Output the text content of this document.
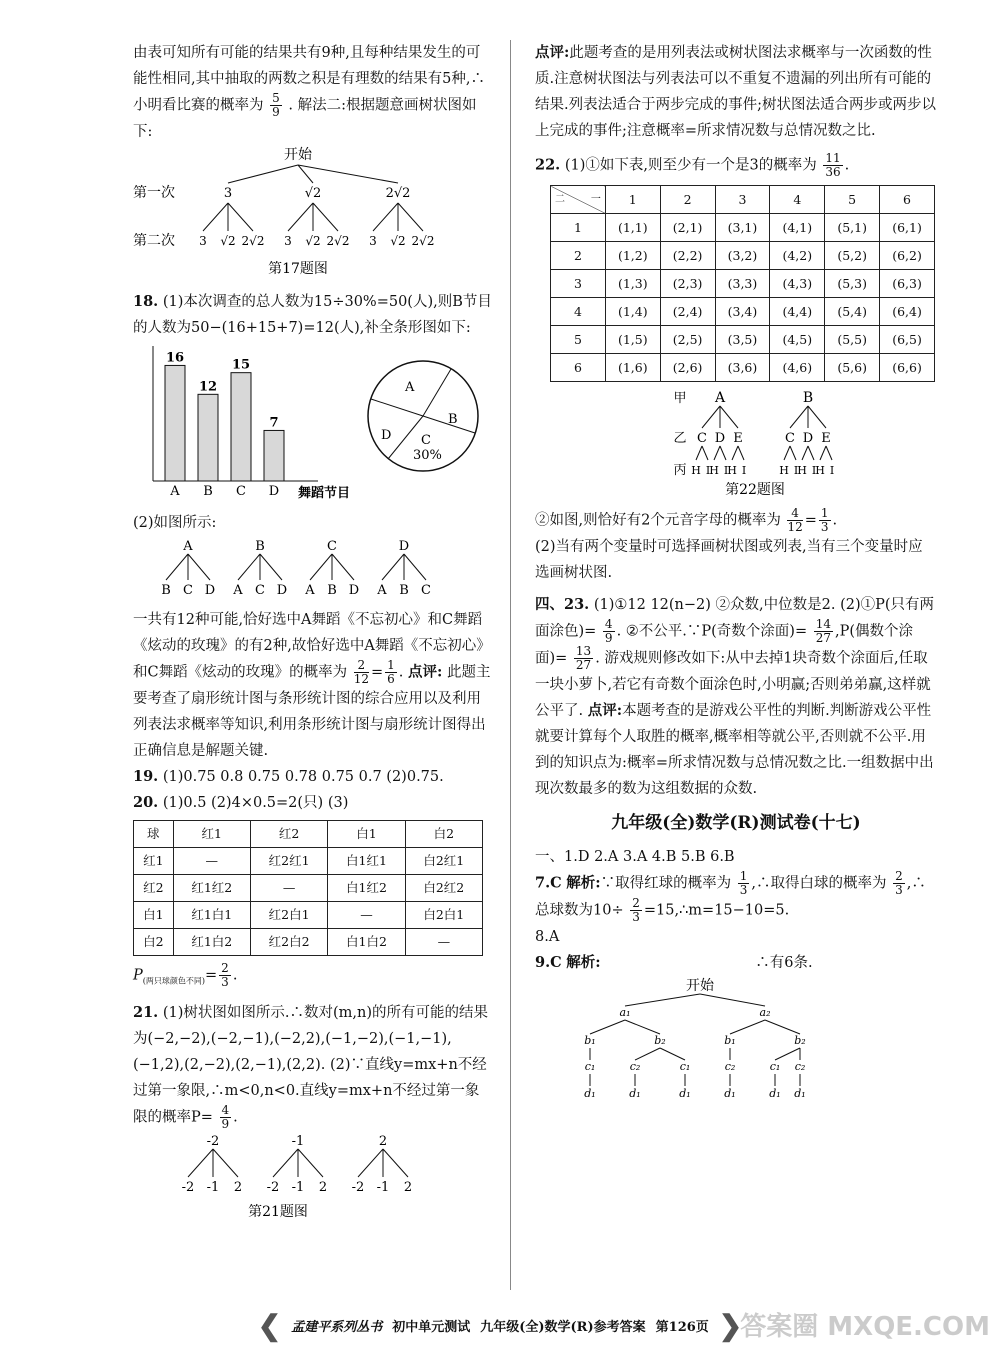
由表可知所有可能的结果共有9种,且每种结果发生的可能性相同,其中抽取的两数之积是有理数的结果有5种,∴小明看比赛的概率为 $\frac{5}{9}$ . 解法二:根据题意画树状图如下:

开始
第一次
第二次
3
3 √2 2√2
√2
3 √2 2√2
2√2
3 √2 2√2
第17题图

18. (1)本次调查的总人数为15÷30%=50(人),则B节目的人数为50−(16+15+7)=12(人),补全条形图如下:

16
A
12
B
15
C
7
D 舞蹈节目
A
B
D C
30%

(2)如图所示:

A
B C D
B
A C D
C
A B D
D
A B C

一共有12种可能,恰好选中A舞蹈《不忘初心》和C舞蹈《炫动的玫瑰》的有2种,故恰好选中A舞蹈《不忘初心》和C舞蹈《炫动的玫瑰》的概率为 $\frac{2}{12} = \frac{1}{6}$ . 点评: 此题主要考查了扇形统计图与条形统计图的综合应用以及利用列表法求概率等知识,利用条形统计图与扇形统计图得出正确信息是解题关键.

19. (1)0.75 0.8 0.75 0.78 0.75 0.7 (2)0.75.

20. (1)0.5 (2)4×0.5=2(只) (3)

球	红1	红2	白1	白2
红1	—	红2红1	白1红1	白2红1
红2	红1红2	—	白1红2	白2红2
白1	红1白1	红2白1	—	白2白1
白2	红1白2	红2白2	白1白2	—

$P_{(两只球颜色不同)}= \frac{2}{3}$ .

21. (1)树状图如图所示.∴数对(m,n)的所有可能的结果为(−2,−2),(−2,−1),(−2,2),(−1,−2),(−1,−1),(−1,2),(2,−2),(2,−1),(2,2). (2)∵直线y=mx+n不经过第一象限,∴m<0,n<0.直线y=mx+n不经过第一象限的概率$P= \frac{4}{9}$ .

-2
-2 -1 2
-1
-2 -1 2
2
-2 -1 2
第21题图

点评:此题考查的是用列表法或树状图法求概率与一次函数的性质.注意树状图法与列表法可以不重复不遗漏的列出所有可能的结果.列表法适合于两步完成的事件;树状图法适合两步或两步以上完成的事件;注意概率=所求情况数与总情况数之比.

22. (1)①如下表,则至少有一个是3的概率为 $\frac{11}{36}$ .

二 一	1	2	3	4	5	6
1	(1,1)	(2,1)	(3,1)	(4,1)	(5,1)	(6,1)
2	(1,2)	(2,2)	(3,2)	(4,2)	(5,2)	(6,2)
3	(1,3)	(2,3)	(3,3)	(4,3)	(5,3)	(6,3)
4	(1,4)	(2,4)	(3,4)	(4,4)	(5,4)	(6,4)
5	(1,5)	(2,5)	(3,5)	(4,5)	(5,5)	(6,5)
6	(1,6)	(2,6)	(3,6)	(4,6)	(5,6)	(6,6)
甲
乙
丙
A
C
H I
D
H I
E
H I
B
C
H I
D
H I
E
H I
第22题图

②如图,则恰好有2个元音字母的概率为 $\frac{4}{12} = \frac{1}{3}$ .

(2)当有两个变量时可选择画树状图或列表,当有三个变量时应选画树状图.

四、23. (1)①12 12(n−2) ②众数,中位数是2. (2)①P(只有两面涂色)= $\frac{4}{9}$ . ②不公平.∵P(奇数个涂面)= $\frac{14}{27} ,P$(偶数个涂面)= $\frac{13}{27}$ . 游戏规则修改如下:从中去掉1块奇数个涂面后,任取一块小萝卜,若它有奇数个面涂色时,小明赢;否则弟弟赢,这样就公平了. 点评:本题考查的是游戏公平性的判断.判断游戏公平性就要计算每个人取胜的概率,概率相等就公平,否则就不公平.用到的知识点为:概率=所求情况数与总情况数之比.一组数据中出现次数最多的数为这组数据的众数.

九年级(全)数学(R)测试卷(十七)

一、1.D 2.A 3.A 4.B 5.B 6.B

7.C 解析:∵取得红球的概率为 $\frac{1}{3}$ ,∴取得白球的概率为 $\frac{2}{3}$ ,∴总球数为$10\div \frac{2}{3}$ =15,∴m=15−10=5.

8.A

9.C 解析:	∴有6条.

开始
a₁	a₂
b₁	b₂	b₁	b₂
c₁
d₁
c₂
d₁
c₁
d₁
c₂
d₁
c₁
d₁
c₂
d₁
❮ 孟建平系列丛书 初中单元测试 九年级(全)数学(R)参考答案 第126页 ❯
答案圈 MXQE.COM
